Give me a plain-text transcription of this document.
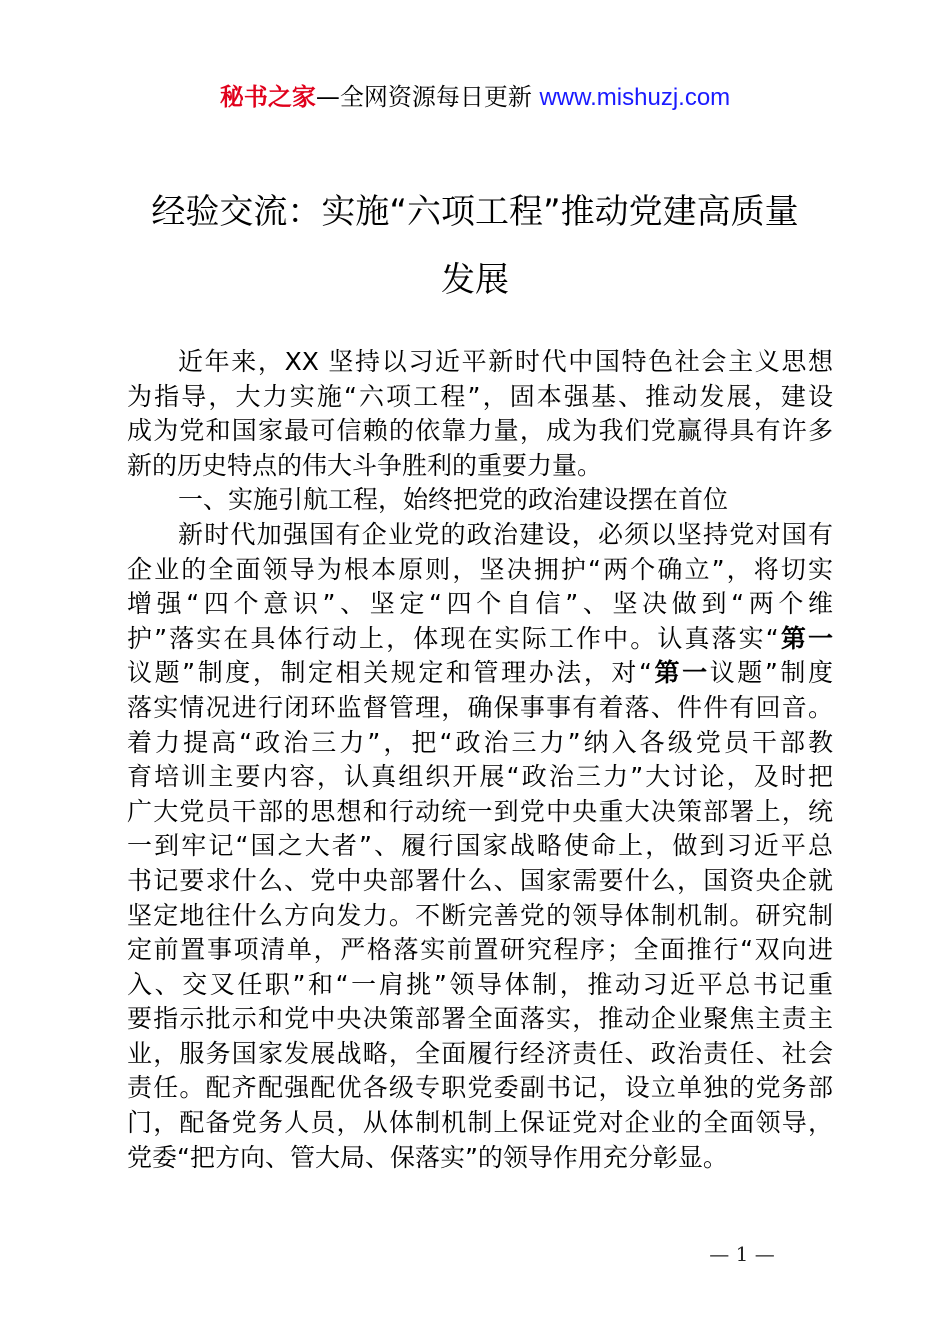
秘书之家—全网资源每日更新 www.mishuzj.com
经验交流：实施“六项工程”推动党建高质量
发展
近年来，XX 坚持以习近平新时代中国特色社会主义思想
为指导，大力实施“六项工程”，固本强基、推动发展，建设
成为党和国家最可信赖的依靠力量，成为我们党赢得具有许多
新的历史特点的伟大斗争胜利的重要力量。
一、实施引航工程，始终把党的政治建设摆在首位
新时代加强国有企业党的政治建设，必须以坚持党对国有
企业的全面领导为根本原则，坚决拥护“两个确立”，将切实
增强“四个意识”、坚定“四个自信”、坚决做到“两个维
护”落实在具体行动上，体现在实际工作中。认真落实“第一
议题”制度，制定相关规定和管理办法，对“第一议题”制度
落实情况进行闭环监督管理，确保事事有着落、件件有回音。
着力提高“政治三力”，把“政治三力”纳入各级党员干部教
育培训主要内容，认真组织开展“政治三力”大讨论，及时把
广大党员干部的思想和行动统一到党中央重大决策部署上，统
一到牢记“国之大者”、履行国家战略使命上，做到习近平总
书记要求什么、党中央部署什么、国家需要什么，国资央企就
坚定地往什么方向发力。不断完善党的领导体制机制。研究制
定前置事项清单，严格落实前置研究程序；全面推行“双向进
入、交叉任职”和“一肩挑”领导体制，推动习近平总书记重
要指示批示和党中央决策部署全面落实，推动企业聚焦主责主
业，服务国家发展战略，全面履行经济责任、政治责任、社会
责任。配齐配强配优各级专职党委副书记，设立单独的党务部
门，配备党务人员，从体制机制上保证党对企业的全面领导，
党委“把方向、管大局、保落实”的领导作用充分彰显。
— 1 —
